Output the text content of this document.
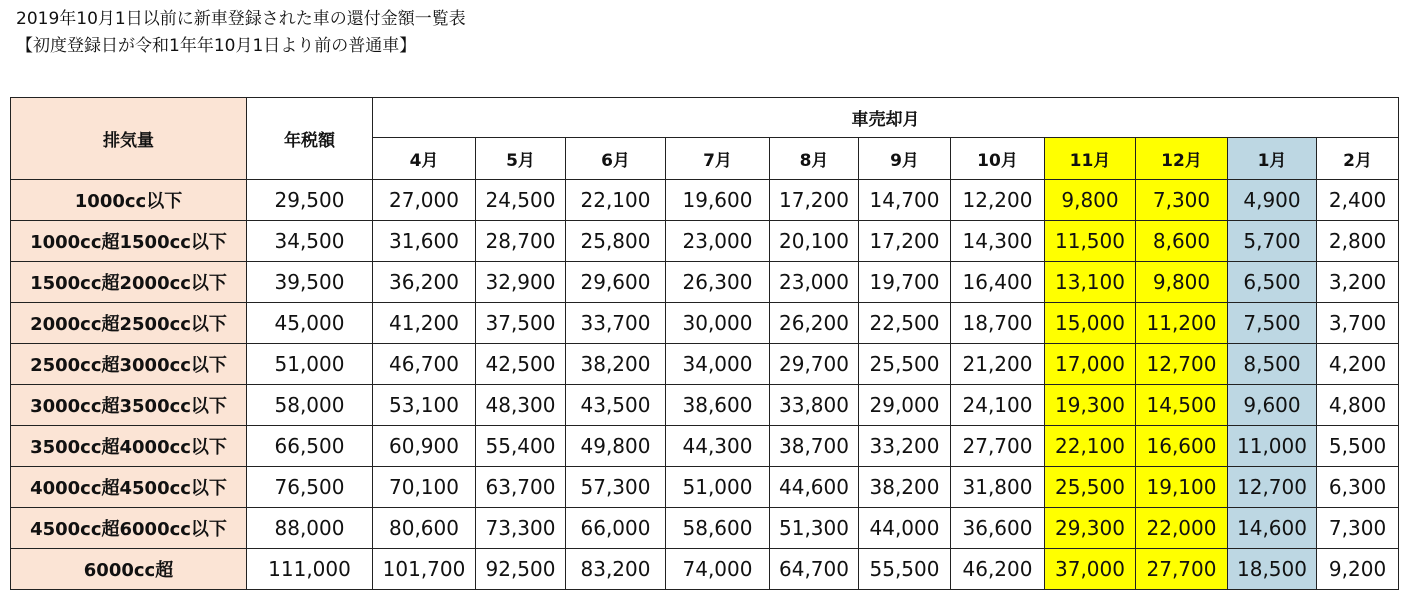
2019年10月1日以前に新車登録された車の還付金額一覧表
【初度登録日が令和1年年10月1日より前の普通車】
排気量	年税額	車売却月										
		4月	5月	6月	7月	8月	9月	10月	11月	12月	1月	2月
1000cc以下	29,500	27,000	24,500	22,100	19,600	17,200	14,700	12,200	9,800	7,300	4,900	2,400
1000cc超1500cc以下	34,500	31,600	28,700	25,800	23,000	20,100	17,200	14,300	11,500	8,600	5,700	2,800
1500cc超2000cc以下	39,500	36,200	32,900	29,600	26,300	23,000	19,700	16,400	13,100	9,800	6,500	3,200
2000cc超2500cc以下	45,000	41,200	37,500	33,700	30,000	26,200	22,500	18,700	15,000	11,200	7,500	3,700
2500cc超3000cc以下	51,000	46,700	42,500	38,200	34,000	29,700	25,500	21,200	17,000	12,700	8,500	4,200
3000cc超3500cc以下	58,000	53,100	48,300	43,500	38,600	33,800	29,000	24,100	19,300	14,500	9,600	4,800
3500cc超4000cc以下	66,500	60,900	55,400	49,800	44,300	38,700	33,200	27,700	22,100	16,600	11,000	5,500
4000cc超4500cc以下	76,500	70,100	63,700	57,300	51,000	44,600	38,200	31,800	25,500	19,100	12,700	6,300
4500cc超6000cc以下	88,000	80,600	73,300	66,000	58,600	51,300	44,000	36,600	29,300	22,000	14,600	7,300
6000cc超	111,000	101,700	92,500	83,200	74,000	64,700	55,500	46,200	37,000	27,700	18,500	9,200
